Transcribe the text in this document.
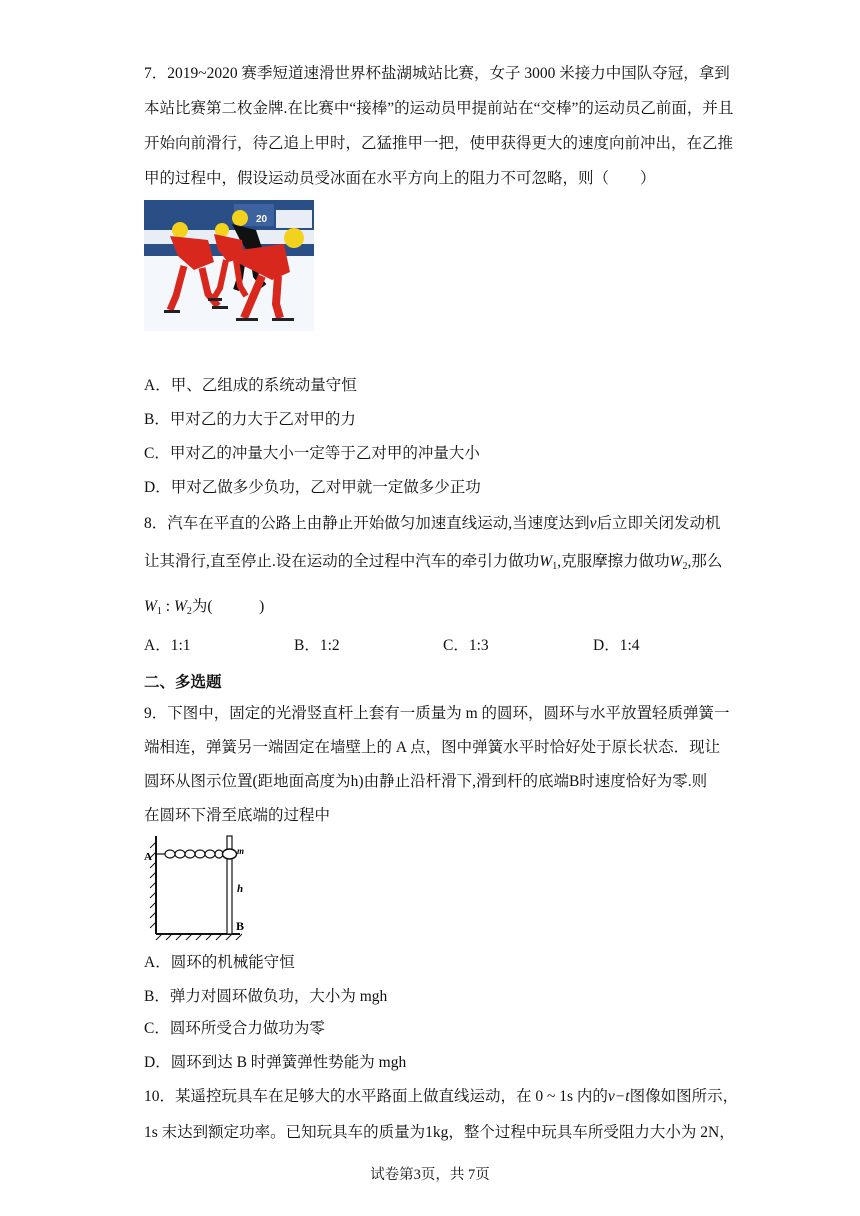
7．2019~2020 赛季短道速滑世界杯盐湖城站比赛，女子 3000 米接力中国队夺冠，拿到
本站比赛第二枚金牌.在比赛中“接棒”的运动员甲提前站在“交棒”的运动员乙前面，并且
开始向前滑行，待乙追上甲时，乙猛推甲一把，使甲获得更大的速度向前冲出，在乙推
甲的过程中，假设运动员受冰面在水平方向上的阻力不可忽略，则（　　）
20
A．甲、乙组成的系统动量守恒
B．甲对乙的力大于乙对甲的力
C．甲对乙的冲量大小一定等于乙对甲的冲量大小
D．甲对乙做多少负功，乙对甲就一定做多少正功
8．汽车在平直的公路上由静止开始做匀加速直线运动,当速度达到v后立即关闭发动机
让其滑行,直至停止.设在运动的全过程中汽车的牵引力做功$W_1$,克服摩擦力做功$W_2$,那么
$W_1$ : $W_2$为(　　　)
A．1:1	B．1:2	C．1:3	D．1:4
二、多选题
9．下图中，固定的光滑竖直杆上套有一质量为 m 的圆环，圆环与水平放置轻质弹簧一
端相连，弹簧另一端固定在墙壁上的 A 点，图中弹簧水平时恰好处于原长状态．现让
圆环从图示位置(距地面高度为h)由静止沿杆滑下,滑到杆的底端B时速度恰好为零.则
在圆环下滑至底端的过程中
A	m
h
B
A．圆环的机械能守恒
B．弹力对圆环做负功，大小为 mgh
C．圆环所受合力做功为零
D．圆环到达 B 时弹簧弹性势能为 mgh
10．某遥控玩具车在足够大的水平路面上做直线运动，在 0 ~ 1s 内的v−t图像如图所示，
1s 末达到额定功率。已知玩具车的质量为1kg，整个过程中玩具车所受阻力大小为 2N，
试卷第3页，共 7页
